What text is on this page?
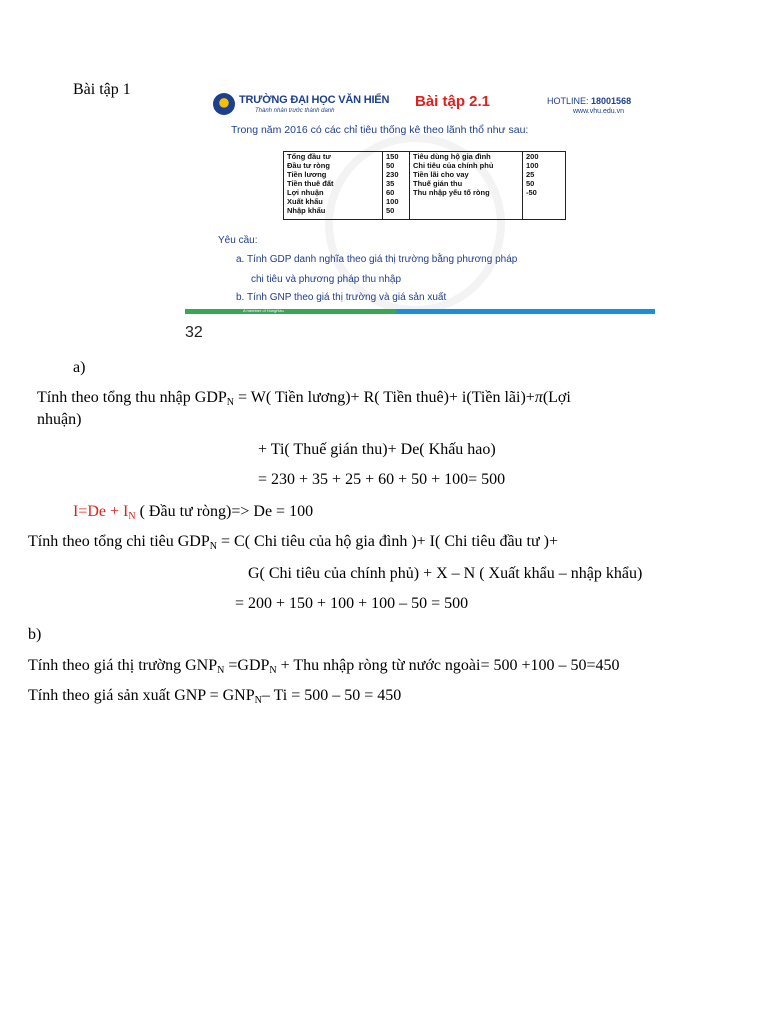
Bài tập 1
TRƯỜNG ĐẠI HỌC VĂN HIẾN
Thành nhân trước thành danh
Bài tập 2.1	HOTLINE: 18001568
www.vhu.edu.vn
Trong năm 2016 có các chỉ tiêu thống kê theo lãnh thổ như sau:
Tổng đầu tư	150	Tiêu dùng hộ gia đình	200
Đầu tư ròng	50	Chi tiêu của chính phủ	100
Tiền lương	230	Tiền lãi cho vay	25
Tiền thuê đất	35	Thuế gián thu	50
Lợi nhuận	60	Thu nhập yếu tố ròng	-50
Xuất khẩu	100		
Nhập khẩu	50		
Yêu cầu:
a. Tính GDP danh nghĩa theo giá thị trường bằng phương pháp
chi tiêu và phương pháp thu nhập
b. Tính GNP theo giá thị trường và giá sản xuất
A member of HungHau
32
a)
Tính theo tổng thu nhập $GDP_N = W$( Tiền lương)+ R( Tiền thuê)+ i(Tiền lãi)+π(Lợi
nhuận)
+ Ti( Thuế gián thu)+ De( Khấu hao)
= 230 + 35 + 25 + 60 + 50 + 100= 500
$I=De + I_N$ ( Đầu tư ròng)=> De = 100
Tính theo tổng chi tiêu $GDP_N = C$( Chi tiêu của hộ gia đình )+ I( Chi tiêu đầu tư )+
G( Chi tiêu của chính phủ) + X – N ( Xuất khẩu – nhập khẩu)
= 200 + 150 + 100 + 100 – 50 = 500
b)
Tính theo giá thị trường $GNP_N =GDP_N$ + Thu nhập ròng từ nước ngoài= 500 +100 – 50=450
Tính theo giá sản xuất GNP = $GNP_N-$ Ti = 500 – 50 = 450
